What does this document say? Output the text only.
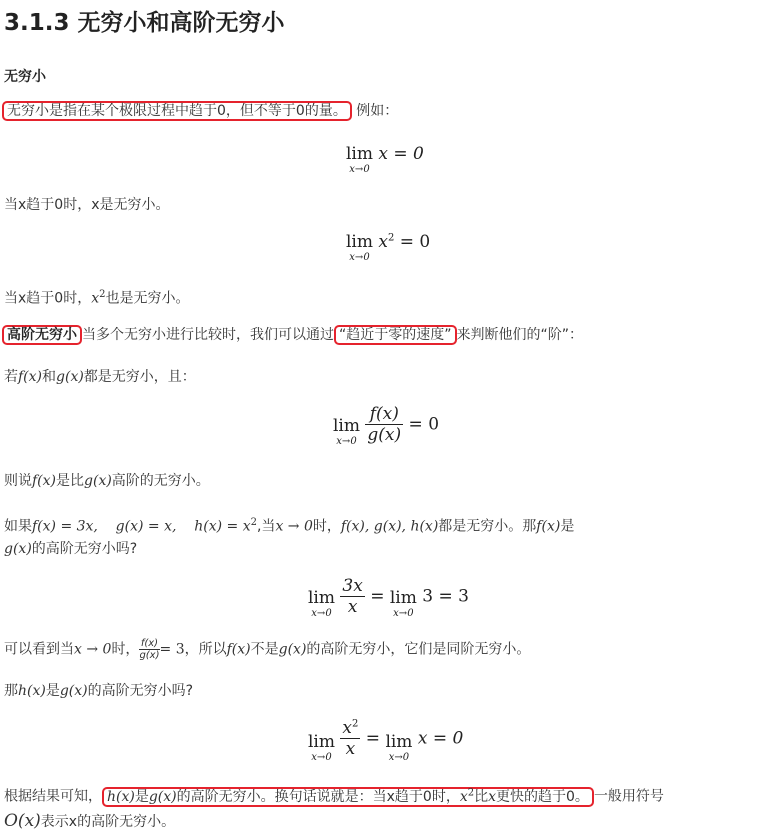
3.1.3 无穷小和高阶无穷小
无穷小
无穷小是指在某个极限过程中趋于0，但不等于0的量。 例如：
lim
x→0
x = 0
当x趋于0时，x是无穷小。
lim
x→0
$x^2 = 0$
当x趋于0时，$x^2$也是无穷小。
高阶无穷小 当多个无穷小进行比较时，我们可以通过 “趋近于零的速度” 来判断他们的“阶”：
若f(x)和g(x)都是无穷小，且：
lim
x→0
$\frac{f(x)}{g(x)} = 0$
则说f(x)是比g(x)高阶的无穷小。
如果f(x) = 3x,    g(x) = x,    $h(x) = x^2$,当x → 0时，f(x), g(x), h(x)都是无穷小。那f(x)是
g(x)的高阶无穷小吗?
lim
x→0
$\frac{3x}{x} = \lim$
x→0
3 = 3
可以看到当x → 0时， $\frac{f(x)}{g(x)} = 3$，所以f(x)不是g(x)的高阶无穷小，它们是同阶无穷小。
那h(x)是g(x)的高阶无穷小吗?
lim
x→0
$\frac{x^2}{x} = \lim$
x→0
x = 0
根据结果可知， h(x)是g(x)的高阶无穷小。换句话说就是：当x趋于0时，$x^2$比x更快的趋于0。 一般用符号
O(x)表示x的高阶无穷小。
